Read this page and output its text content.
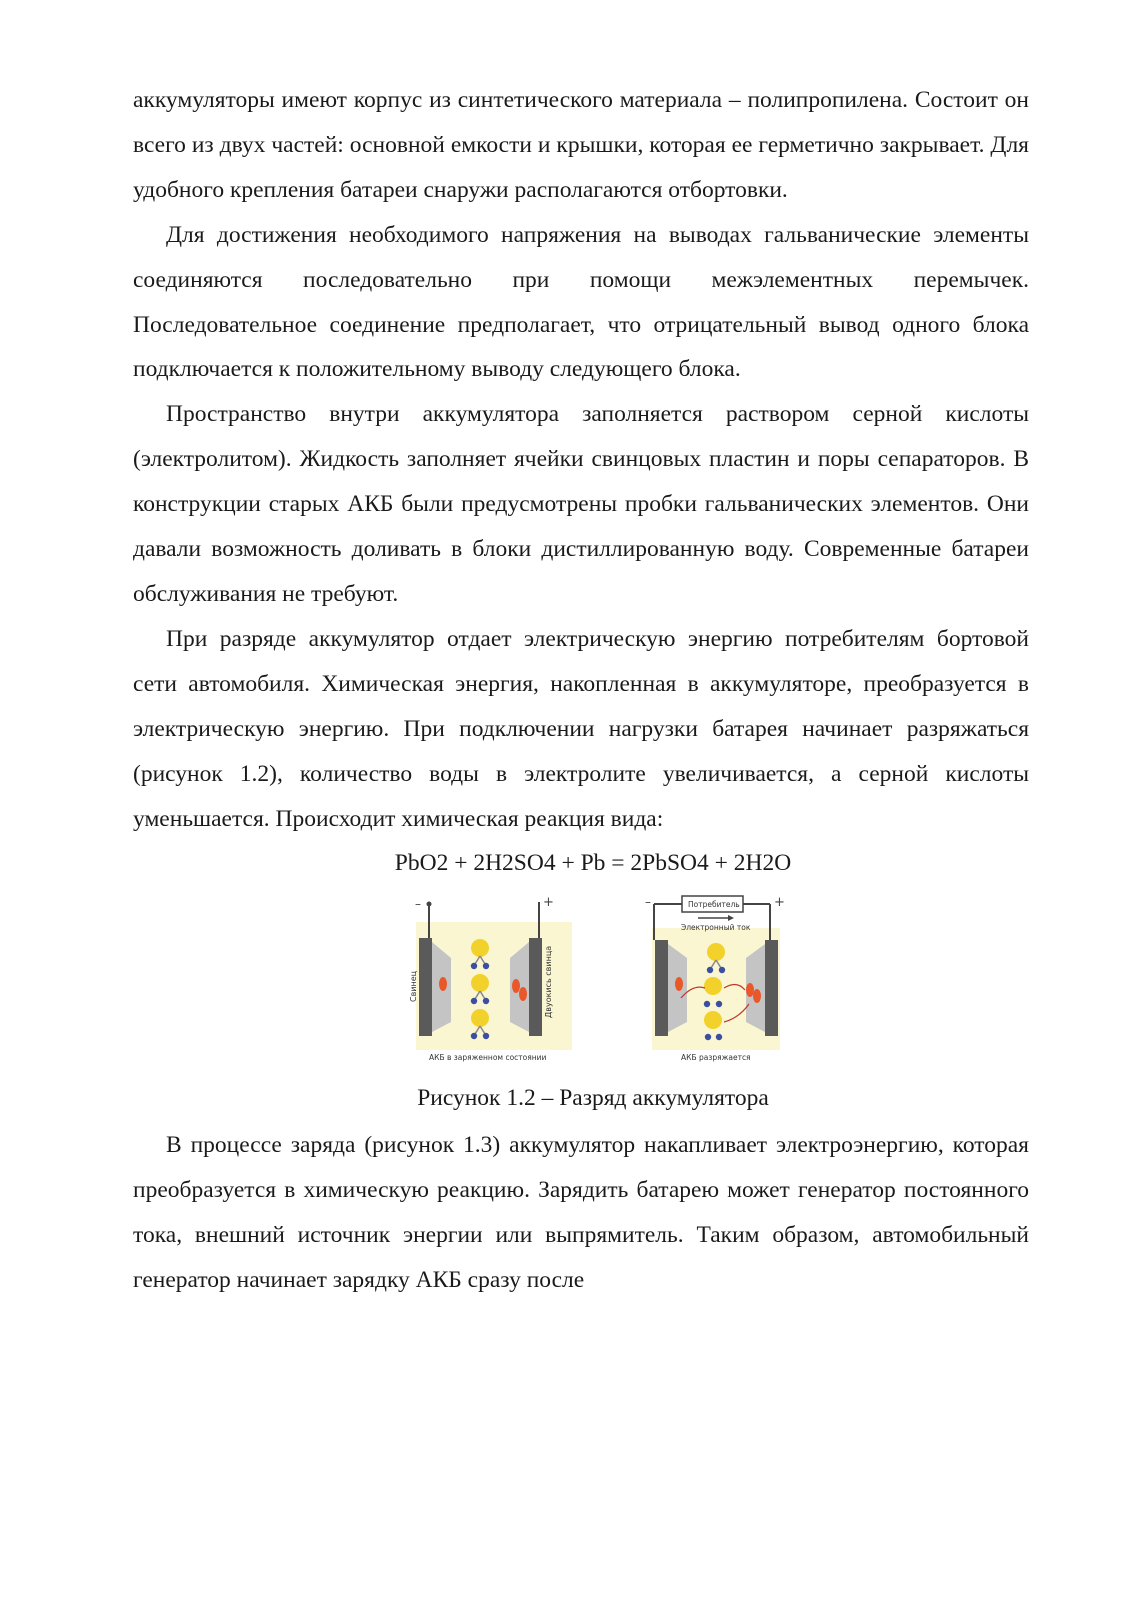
аккумуляторы имеют корпус из синтетического материала – полипропилена. Состоит он всего из двух частей: основной емкости и крышки, которая ее герметично закрывает. Для удобного крепления батареи снаружи располагаются отбортовки.

Для достижения необходимого напряжения на выводах гальванические элементы соединяются последовательно при помощи межэлементных перемычек. Последовательное соединение предполагает, что отрицательный вывод одного блока подключается к положительному выводу следующего блока.

Пространство внутри аккумулятора заполняется раствором серной кислоты (электролитом). Жидкость заполняет ячейки свинцовых пластин и поры сепараторов. В конструкции старых АКБ были предусмотрены пробки гальванических элементов. Они давали возможность доливать в блоки дистиллированную воду. Современные батареи обслуживания не требуют.

При разряде аккумулятор отдает электрическую энергию потребителям бортовой сети автомобиля. Химическая энергия, накопленная в аккумуляторе, преобразуется в электрическую энергию. При подключении нагрузки батарея начинает разряжаться (рисунок 1.2), количество воды в электролите увеличивается, а серной кислоты уменьшается. Происходит химическая реакция вида:

PbO2 + 2H2SO4 + Pb = 2PbSO4 + 2H2O

–	+
Свинец	Двуокись свинца
АКБ в заряженном состоянии
Потребитель
–	+
Электронный ток
АКБ разряжается

Рисунок 1.2 – Разряд аккумулятора

В процессе заряда (рисунок 1.3) аккумулятор накапливает электроэнергию, которая преобразуется в химическую реакцию. Зарядить батарею может генератор постоянного тока, внешний источник энергии или выпрямитель. Таким образом, автомобильный генератор начинает зарядку АКБ сразу после
